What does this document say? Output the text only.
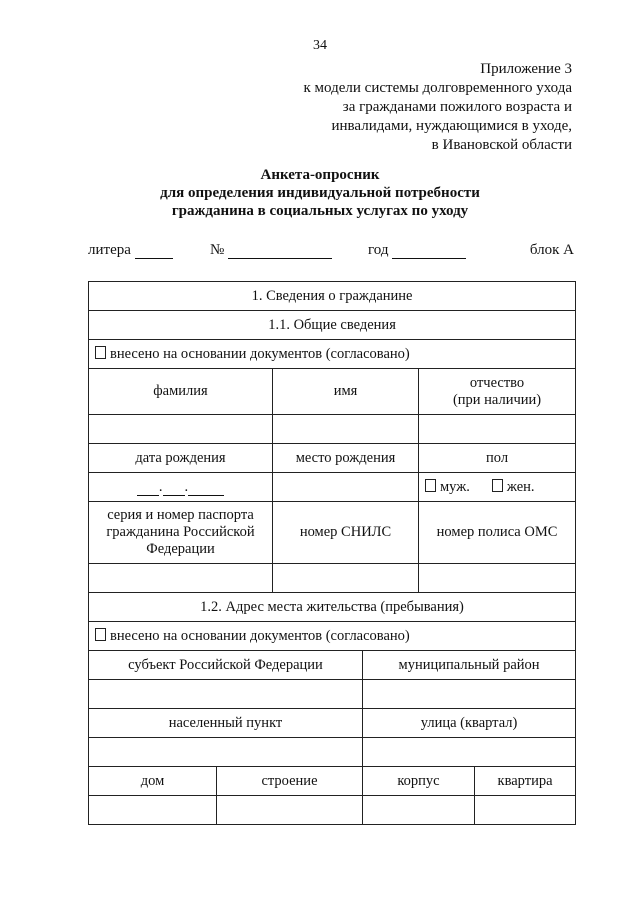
34
Приложение 3
к модели системы долговременного ухода
за гражданами пожилого возраста и
инвалидами, нуждающимися в уходе,
в Ивановской области
Анкета-опросник
для определения индивидуальной потребности
гражданина в социальных услугах по уходу
литера	№	год	блок А
1. Сведения о гражданине					
1.1. Общие сведения					
внесено на основании документов (согласовано)					
фамилия		имя		отчество
(при наличии)	

дата рождения		место рождения		пол	
. .				муж. жен.	

серия и номер паспорта
гражданина Российской
Федерации		номер СНИЛС		номер полиса ОМС	

1.2. Адрес места жительства (пребывания)					
внесено на основании документов (согласовано)					
субъект Российской Федерации			муниципальный район		

населенный пункт			улица (квартал)		

дом	строение		корпус		квартира
